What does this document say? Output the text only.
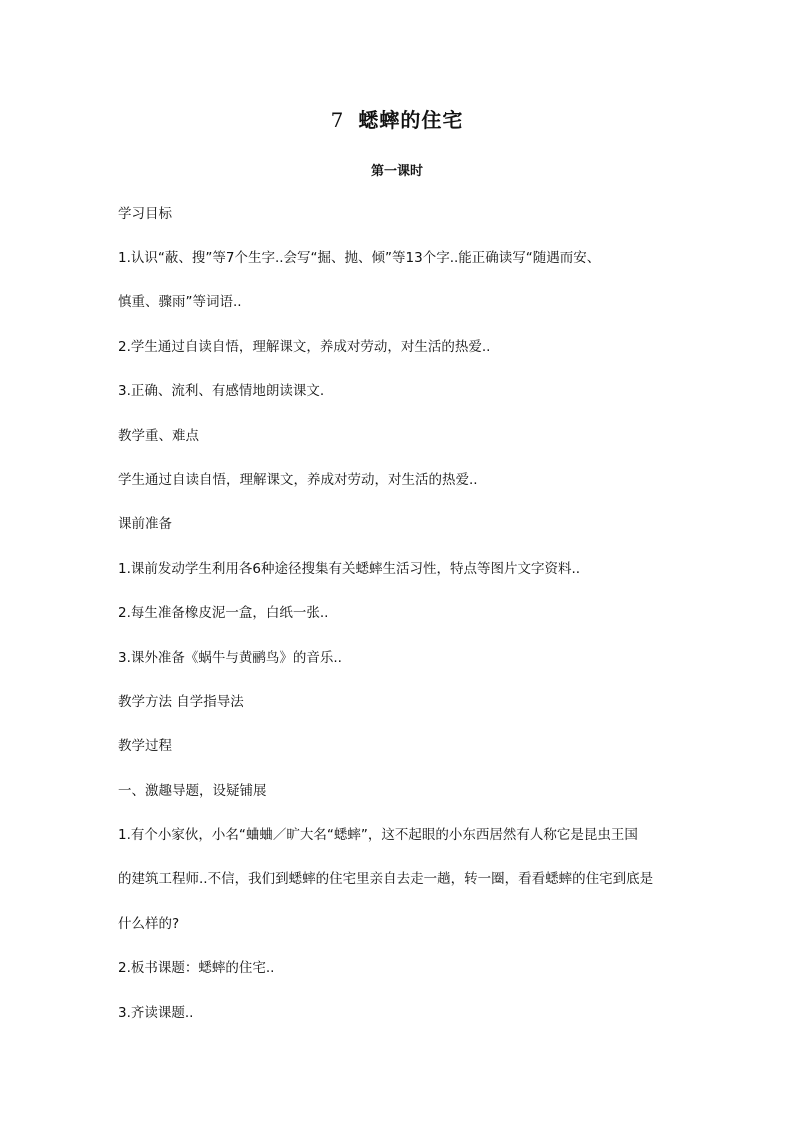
7 蟋蟀的住宅
第一课时
学习目标
1.认识“蔽、搜”等7个生字..会写“掘、抛、倾”等13个字..能正确读写“随遇而安、
慎重、骤雨”等词语..
2.学生通过自读自悟，理解课文，养成对劳动，对生活的热爱..
3.正确、流利、有感情地朗读课文.
教学重、难点
学生通过自读自悟，理解课文，养成对劳动，对生活的热爱..
课前准备
1.课前发动学生利用各6种途径搜集有关蟋蟀生活习性，特点等图片文字资料..
2.每生准备橡皮泥一盒，白纸一张..
3.课外准备《蜗牛与黄鹂鸟》的音乐..
教学方法 自学指导法
教学过程
一、激趣导题，设疑铺展
1.有个小家伙，小名“蛐蛐／旷大名“蟋蟀”，这不起眼的小东西居然有人称它是昆虫王国
的建筑工程师..不信，我们到蟋蟀的住宅里亲自去走一趟，转一圈，看看蟋蟀的住宅到底是
什么样的?
2.板书课题：蟋蟀的住宅..
3.齐读课题..
